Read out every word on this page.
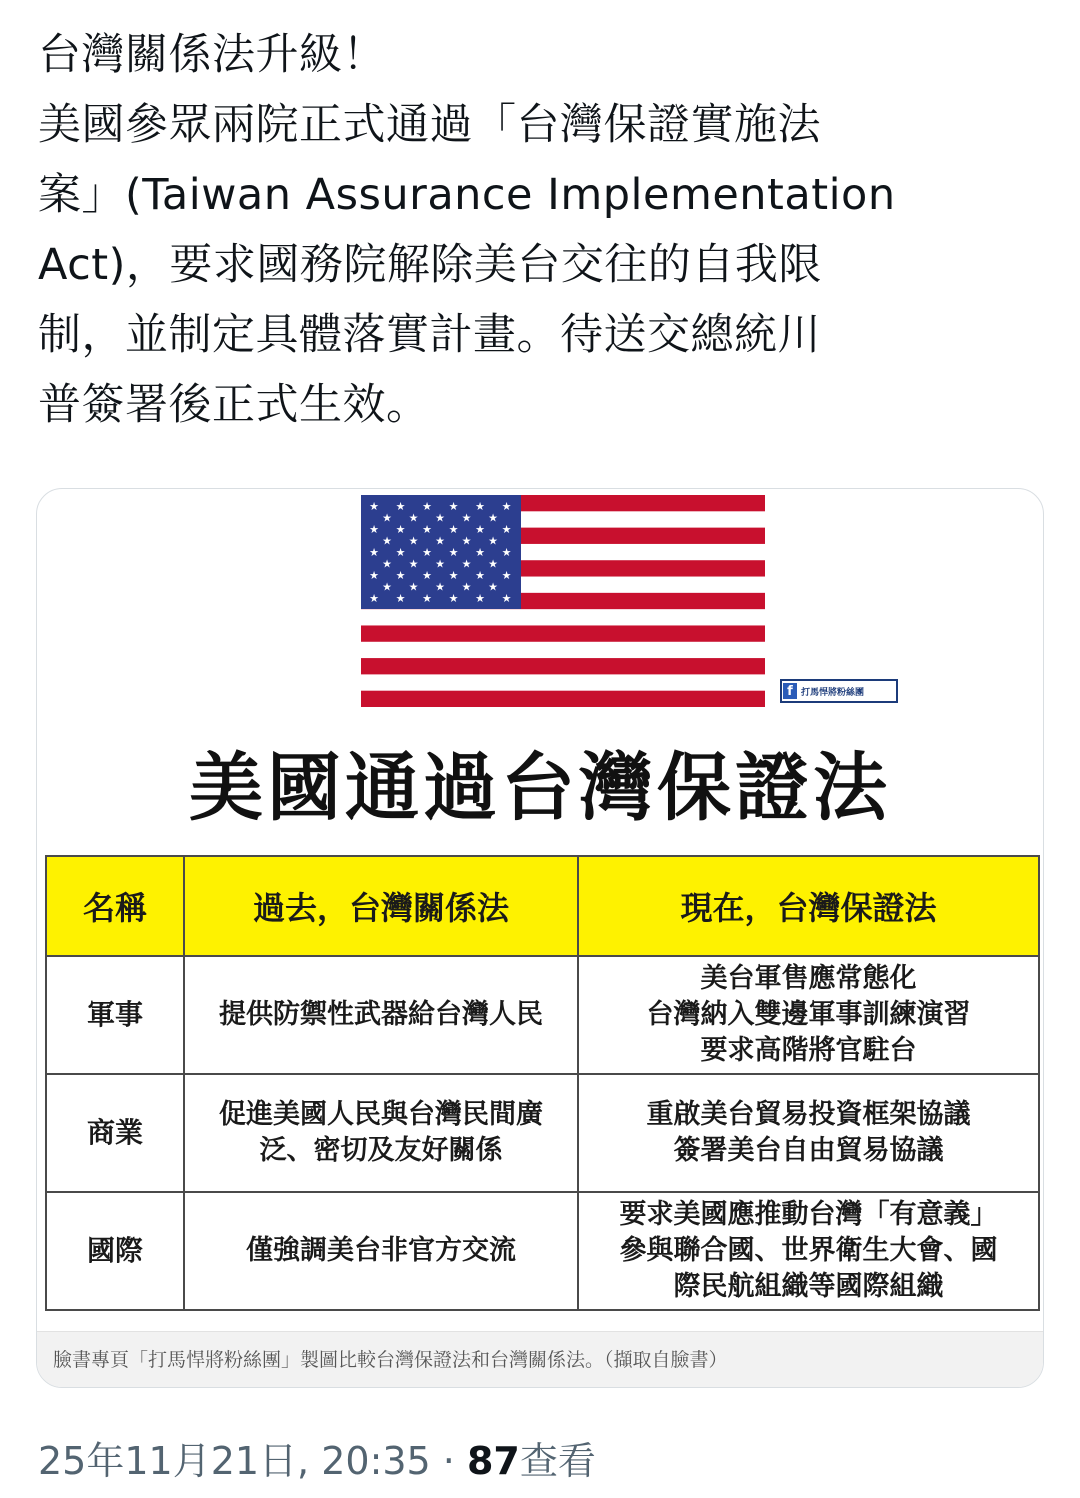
台灣關係法升級！
美國參眾兩院正式通過「台灣保證實施法
案」(Taiwan Assurance Implementation
Act)，要求國務院解除美台交往的自我限
制，並制定具體落實計畫。待送交總統川
普簽署後正式生效。
★ ★ ★ ★ ★ ★
★ ★ ★ ★ ★
★ ★ ★ ★ ★ ★
★ ★ ★ ★ ★
★ ★ ★ ★ ★ ★
★ ★ ★ ★ ★
★ ★ ★ ★ ★ ★
★ ★ ★ ★ ★
★ ★ ★ ★ ★ ★
f 打馬悍將粉絲團
美國通過台灣保證法
名稱	過去，台灣關係法	現在，台灣保證法
軍事	提供防禦性武器給台灣人民	美台軍售應常態化
台灣納入雙邊軍事訓練演習
要求高階將官駐台

商業	促進美國人民與台灣民間廣
泛、密切及友好關係	重啟美台貿易投資框架協議
簽署美台自由貿易協議

國際	僅強調美台非官方交流	要求美國應推動台灣「有意義」
參與聯合國、世界衛生大會、國
際民航組織等國際組織
臉書專頁「打馬悍將粉絲團」製圖比較台灣保證法和台灣關係法。（擷取自臉書）
25年11月21日, 20:35 · 87查看
